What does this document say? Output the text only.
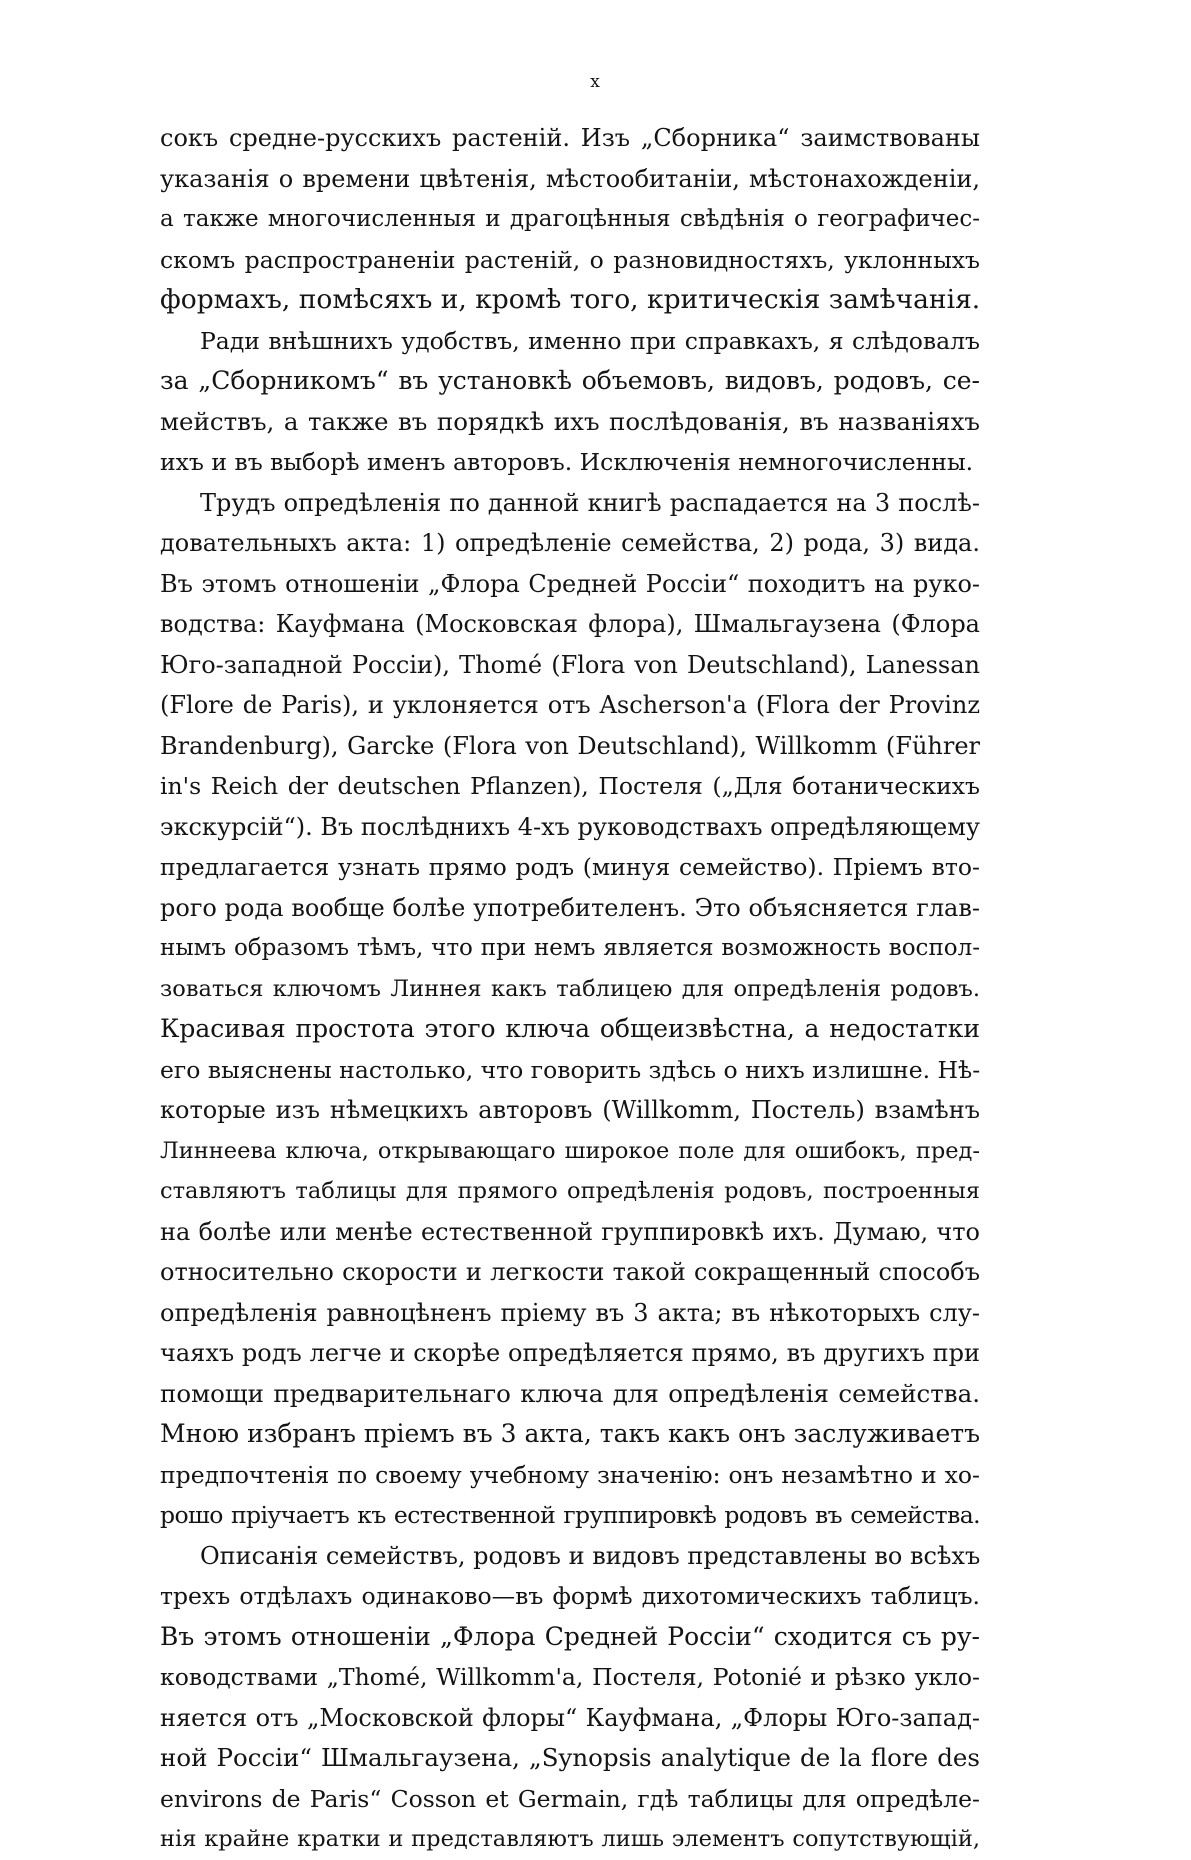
x
сокъ средне-русскихъ растеній. Изъ „Сборника“ заимствованы
указанія о времени цвѣтенія, мѣстообитаніи, мѣстонахожденіи,
а также многочисленныя и драгоцѣнныя свѣдѣнія о географичес-
скомъ распространеніи растеній, о разновидностяхъ, уклонныхъ
формахъ, помѣсяхъ и, кромѣ того, критическія замѣчанія.
Ради внѣшнихъ удобствъ, именно при справкахъ, я слѣдовалъ
за „Сборникомъ“ въ установкѣ объемовъ, видовъ, родовъ, се-
мействъ, а также въ порядкѣ ихъ послѣдованія, въ названіяхъ
ихъ и въ выборѣ именъ авторовъ. Исключенія немногочисленны.
Трудъ опредѣленія по данной книгѣ распадается на 3 послѣ-
довательныхъ акта: 1) опредѣленіе семейства, 2) рода, 3) вида.
Въ этомъ отношеніи „Флора Средней Россіи“ походитъ на руко-
водства: Кауфмана (Московская флора), Шмальгаузена (Флора
Юго-западной Россіи), Thomé (Flora von Deutschland), Lanessan
(Flore de Paris), и уклоняется отъ Ascherson'a (Flora der Provinz
Brandenburg), Garcke (Flora von Deutschland), Willkomm (Führer
in's Reich der deutschen Pflanzen), Постеля („Для ботаническихъ
экскурсій“). Въ послѣднихъ 4-хъ руководствахъ опредѣляющему
предлагается узнать прямо родъ (минуя семейство). Пріемъ вто-
рого рода вообще болѣе употребителенъ. Это объясняется глав-
нымъ образомъ тѣмъ, что при немъ является возможность воспол-
зоваться ключомъ Линнея какъ таблицею для опредѣленія родовъ.
Красивая простота этого ключа общеизвѣстна, а недостатки
его выяснены настолько, что говорить здѣсь о нихъ излишне. Нѣ-
которые изъ нѣмецкихъ авторовъ (Willkomm, Постель) взамѣнъ
Линнеева ключа, открывающаго широкое поле для ошибокъ, пред-
ставляютъ таблицы для прямого опредѣленія родовъ, построенныя
на болѣе или менѣе естественной группировкѣ ихъ. Думаю, что
относительно скорости и легкости такой сокращенный способъ
опредѣленія равноцѣненъ пріему въ 3 акта; въ нѣкоторыхъ слу-
чаяхъ родъ легче и скорѣе опредѣляется прямо, въ другихъ при
помощи предварительнаго ключа для опредѣленія семейства.
Мною избранъ пріемъ въ 3 акта, такъ какъ онъ заслуживаетъ
предпочтенія по своему учебному значенію: онъ незамѣтно и хо-
рошо пріучаетъ къ естественной группировкѣ родовъ въ семейства.
Описанія семействъ, родовъ и видовъ представлены во всѣхъ
трехъ отдѣлахъ одинаково—въ формѣ дихотомическихъ таблицъ.
Въ этомъ отношеніи „Флора Средней Россіи“ сходится съ ру-
ководствами „Thomé, Willkomm'a, Постеля, Potonié и рѣзко укло-
няется отъ „Московской флоры“ Кауфмана, „Флоры Юго-запад-
ной Россіи“ Шмальгаузена, „Synopsis analytique de la flore des
environs de Paris“ Cosson et Germain, гдѣ таблицы для опредѣле-
нія крайне кратки и представляютъ лишь элементъ сопутствующій,
